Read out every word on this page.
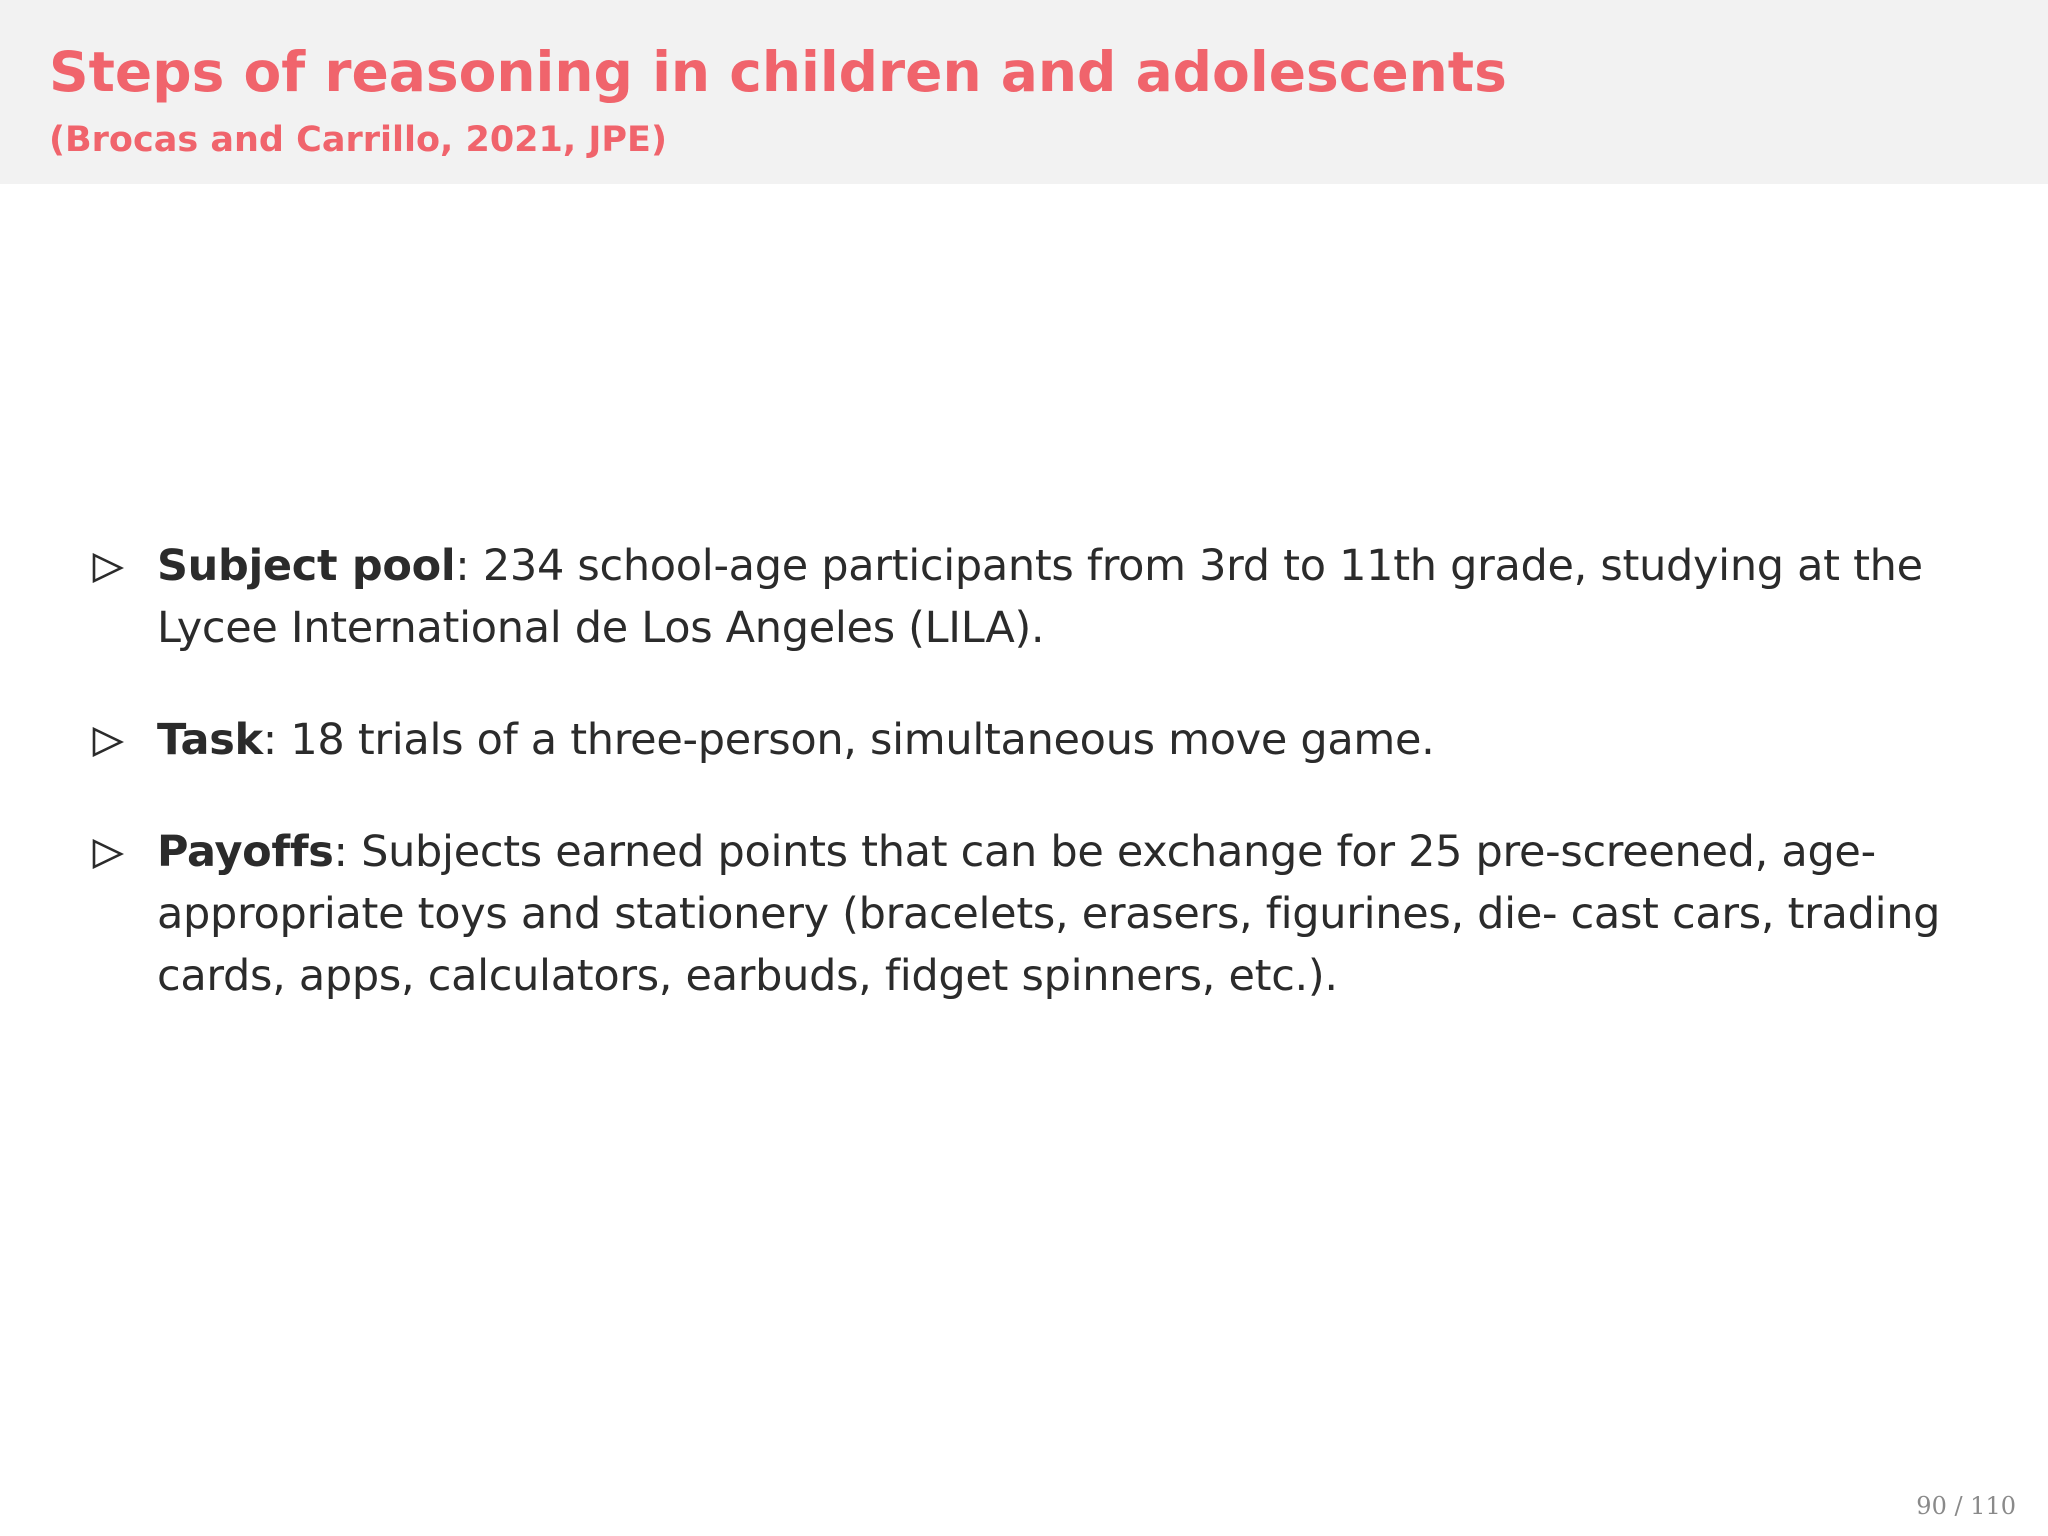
Steps of reasoning in children and adolescents
(Brocas and Carrillo, 2021, JPE)
Subject pool: 234 school-age participants from 3rd to 11th grade, studying at the Lycee International de Los Angeles (LILA).
Task: 18 trials of a three-person, simultaneous move game.
Payoffs: Subjects earned points that can be exchange for 25 pre-screened, age-appropriate toys and stationery (bracelets, erasers, figurines, die- cast cars, trading cards, apps, calculators, earbuds, fidget spinners, etc.).
90 / 110
